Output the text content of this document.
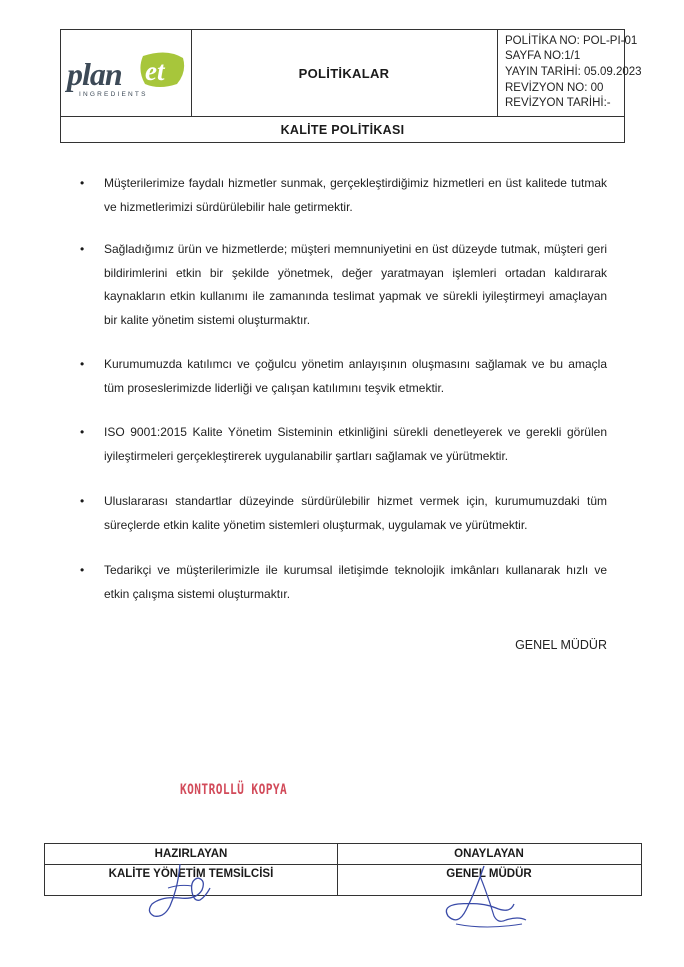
plan et
INGREDIENTS
POLİTİKALAR
POLİTİKA NO: POL-PI-01
SAYFA NO:1/1
YAYIN TARİHİ: 05.09.2023
REVİZYON NO: 00
REVİZYON TARİHİ:-
KALİTE POLİTİKASI
• Müşterilerimize faydalı hizmetler sunmak, gerçekleştirdiğimiz hizmetleri en üst kalitede tutmak ve hizmetlerimizi sürdürülebilir hale getirmektir.
• Sağladığımız ürün ve hizmetlerde; müşteri memnuniyetini en üst düzeyde tutmak, müşteri geri bildirimlerini etkin bir şekilde yönetmek, değer yaratmayan işlemleri ortadan kaldırarak kaynakların etkin kullanımı ile zamanında teslimat yapmak ve sürekli iyileştirmeyi amaçlayan bir kalite yönetim sistemi oluşturmaktır.
• Kurumumuzda katılımcı ve çoğulcu yönetim anlayışının oluşmasını sağlamak ve bu amaçla tüm proseslerimizde liderliği ve çalışan katılımını teşvik etmektir.
• ISO 9001:2015 Kalite Yönetim Sisteminin etkinliğini sürekli denetleyerek ve gerekli görülen iyileştirmeleri gerçekleştirerek uygulanabilir şartları sağlamak ve yürütmektir.
• Uluslararası standartlar düzeyinde sürdürülebilir hizmet vermek için, kurumumuzdaki tüm süreçlerde etkin kalite yönetim sistemleri oluşturmak, uygulamak ve yürütmektir.
• Tedarikçi ve müşterilerimizle ile kurumsal iletişimde teknolojik imkânları kullanarak hızlı ve etkin çalışma sistemi oluşturmaktır.
GENEL MÜDÜR
KONTROLLÜ KOPYA
HAZIRLAYAN
KALİTE YÖNETİM TEMSİLCİSİ
ONAYLAYAN
GENEL MÜDÜR
